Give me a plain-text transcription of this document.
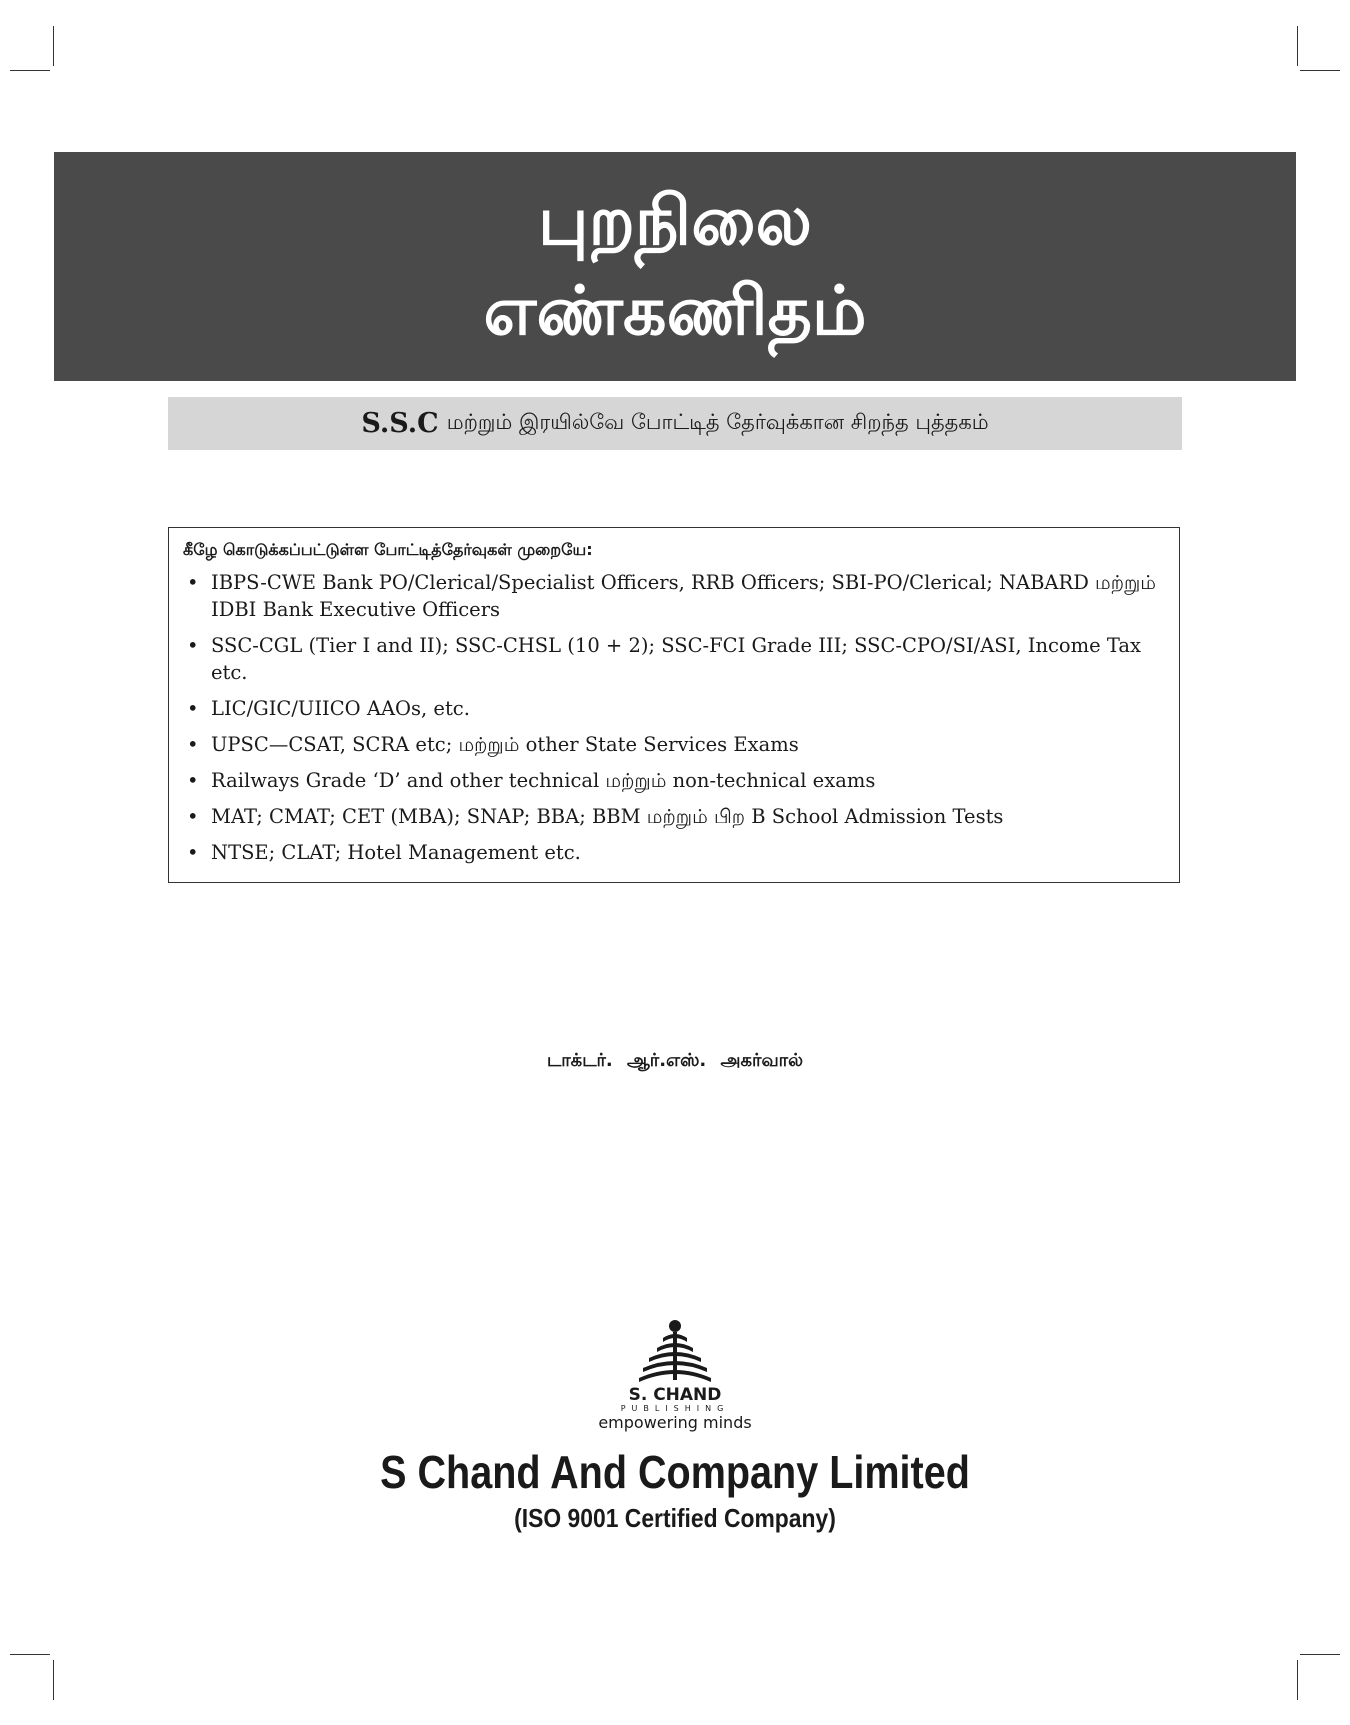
புறநிலை
எண்கணிதம்
S.S.C மற்றும் இரயில்வே போட்டித் தேர்வுக்கான சிறந்த புத்தகம்
கீழே கொடுக்கப்பட்டுள்ள போட்டித்தேர்வுகள் முறையே:
• IBPS-CWE Bank PO/Clerical/Specialist Officers, RRB Officers; SBI-PO/Clerical; NABARD மற்றும் IDBI Bank Executive Officers
• SSC-CGL (Tier I and II); SSC-CHSL (10 + 2); SSC-FCI Grade III; SSC-CPO/SI/ASI, Income Tax etc.
• LIC/GIC/UIICO AAOs, etc.
• UPSC—CSAT, SCRA etc; மற்றும் other State Services Exams
• Railways Grade ‘D’ and other technical மற்றும் non-technical exams
• MAT; CMAT; CET (MBA); SNAP; BBA; BBM மற்றும் பிற B School Admission Tests
• NTSE; CLAT; Hotel Management etc.
டாக்டர். ஆர்.எஸ். அகர்வால்
S. CHAND
PUBLISHING
empowering minds
S Chand And Company Limited
(ISO 9001 Certified Company)
